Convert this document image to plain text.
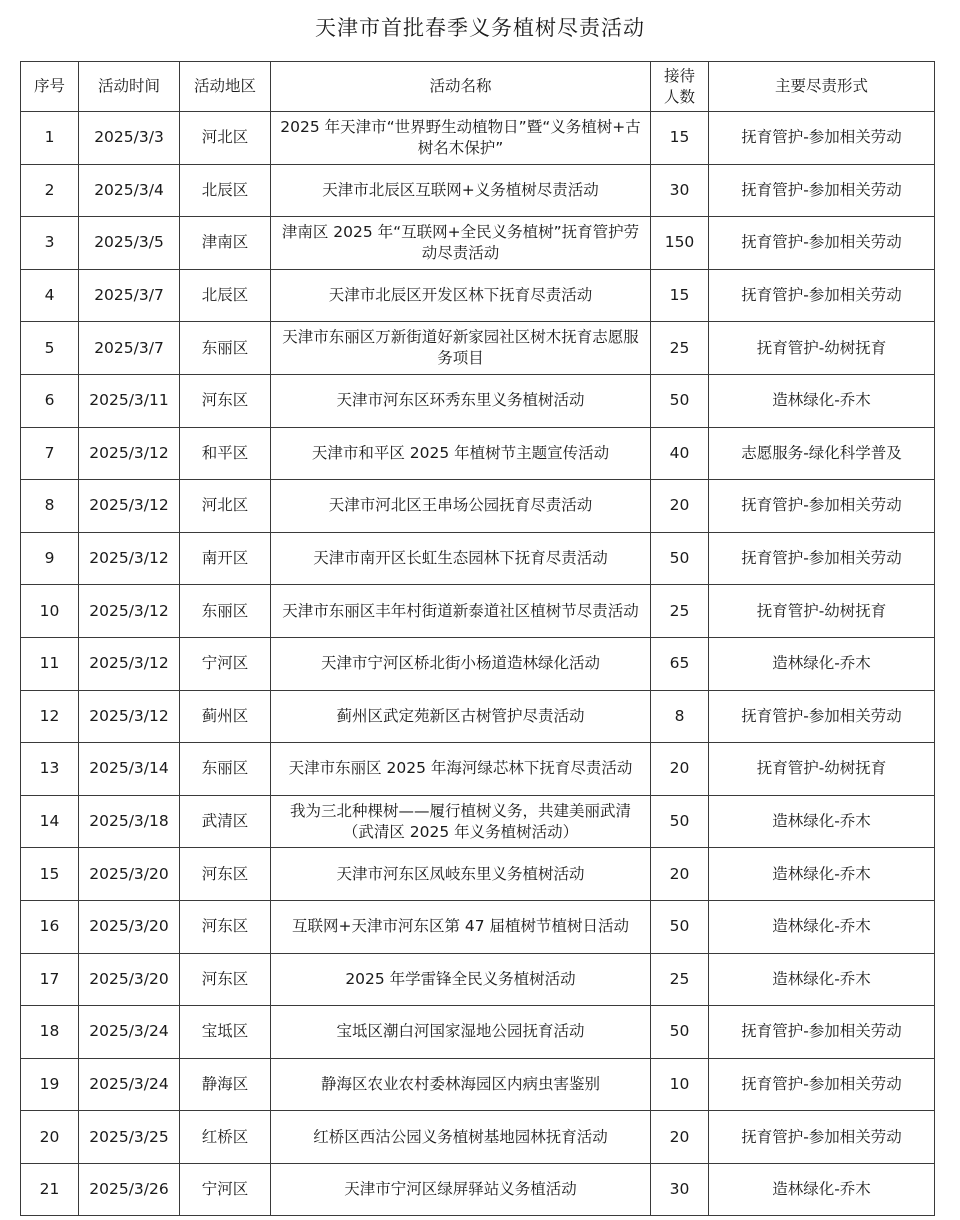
天津市首批春季义务植树尽责活动
序号	活动时间	活动地区	活动名称	接待人数	主要尽责形式
1	2025/3/3	河北区	2025 年天津市“世界野生动植物日”暨“义务植树+古树名木保护”	15	抚育管护-参加相关劳动
2	2025/3/4	北辰区	天津市北辰区互联网+义务植树尽责活动	30	抚育管护-参加相关劳动
3	2025/3/5	津南区	津南区 2025 年“互联网+全民义务植树”抚育管护劳动尽责活动	150	抚育管护-参加相关劳动
4	2025/3/7	北辰区	天津市北辰区开发区林下抚育尽责活动	15	抚育管护-参加相关劳动
5	2025/3/7	东丽区	天津市东丽区万新街道好新家园社区树木抚育志愿服务项目	25	抚育管护-幼树抚育
6	2025/3/11	河东区	天津市河东区环秀东里义务植树活动	50	造林绿化-乔木
7	2025/3/12	和平区	天津市和平区 2025 年植树节主题宣传活动	40	志愿服务-绿化科学普及
8	2025/3/12	河北区	天津市河北区王串场公园抚育尽责活动	20	抚育管护-参加相关劳动
9	2025/3/12	南开区	天津市南开区长虹生态园林下抚育尽责活动	50	抚育管护-参加相关劳动
10	2025/3/12	东丽区	天津市东丽区丰年村街道新泰道社区植树节尽责活动	25	抚育管护-幼树抚育
11	2025/3/12	宁河区	天津市宁河区桥北街小杨道造林绿化活动	65	造林绿化-乔木
12	2025/3/12	蓟州区	蓟州区武定苑新区古树管护尽责活动	8	抚育管护-参加相关劳动
13	2025/3/14	东丽区	天津市东丽区 2025 年海河绿芯林下抚育尽责活动	20	抚育管护-幼树抚育
14	2025/3/18	武清区	我为三北种棵树——履行植树义务，共建美丽武清（武清区 2025 年义务植树活动）	50	造林绿化-乔木
15	2025/3/20	河东区	天津市河东区凤岐东里义务植树活动	20	造林绿化-乔木
16	2025/3/20	河东区	互联网+天津市河东区第 47 届植树节植树日活动	50	造林绿化-乔木
17	2025/3/20	河东区	2025 年学雷锋全民义务植树活动	25	造林绿化-乔木
18	2025/3/24	宝坻区	宝坻区潮白河国家湿地公园抚育活动	50	抚育管护-参加相关劳动
19	2025/3/24	静海区	静海区农业农村委林海园区内病虫害鉴别	10	抚育管护-参加相关劳动
20	2025/3/25	红桥区	红桥区西沽公园义务植树基地园林抚育活动	20	抚育管护-参加相关劳动
21	2025/3/26	宁河区	天津市宁河区绿屏驿站义务植活动	30	造林绿化-乔木
